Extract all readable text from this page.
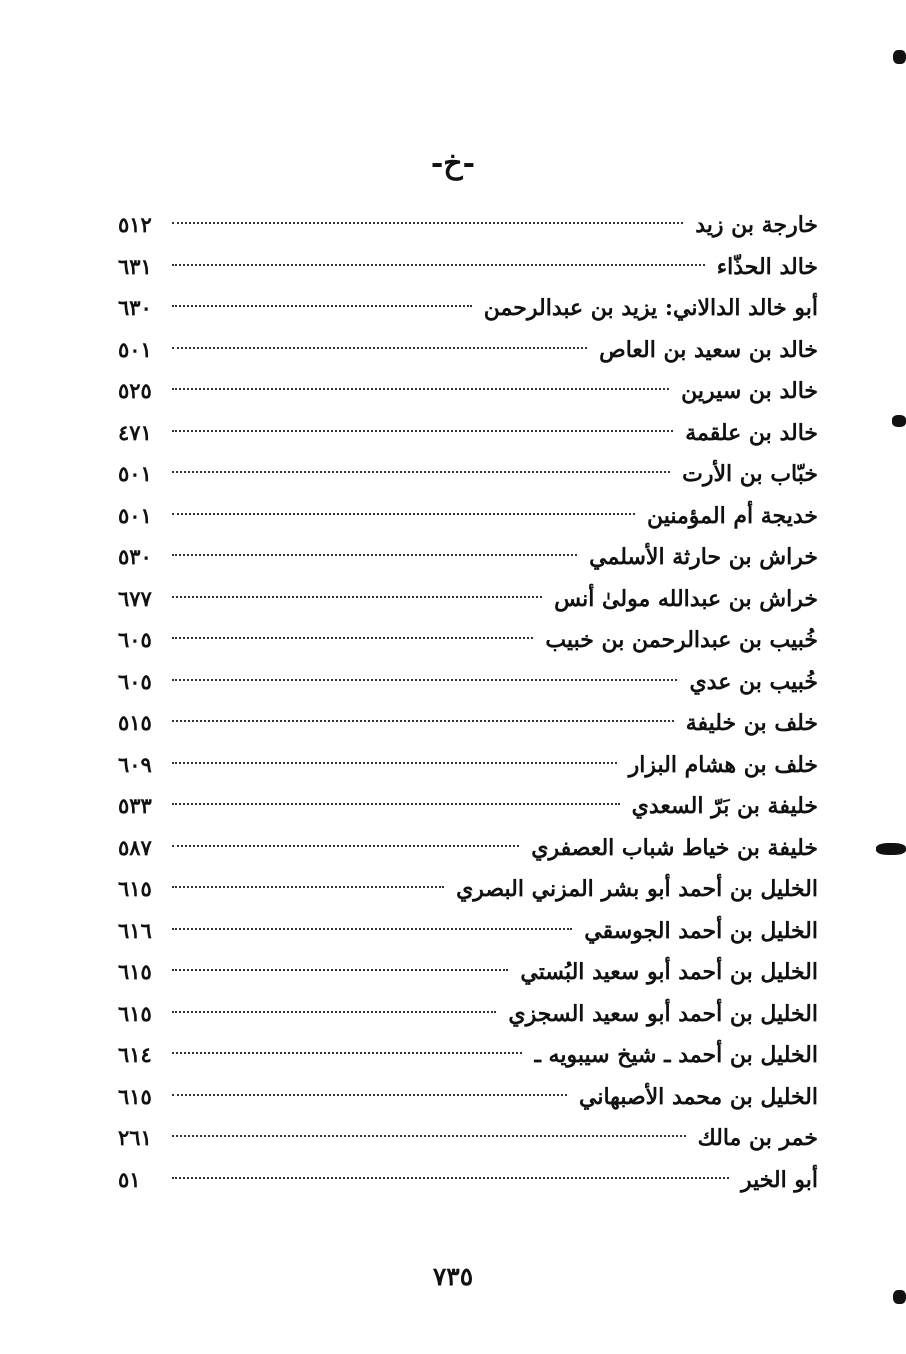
-خ-
خارجة بن زيد
٥١٢
خالد الحذّاء
٦٣١
أبو خالد الدالاني: يزيد بن عبدالرحمن
٦٣٠
خالد بن سعيد بن العاص
٥٠١
خالد بن سيرين
٥٢٥
خالد بن علقمة
٤٧١
خبّاب بن الأرت
٥٠١
خديجة أم المؤمنين
٥٠١
خراش بن حارثة الأسلمي
٥٣٠
خراش بن عبدالله مولىٰ أنس
٦٧٧
خُبيب بن عبدالرحمن بن خبيب
٦٠٥
خُبيب بن عدي
٦٠٥
خلف بن خليفة
٥١٥
خلف بن هشام البزار
٦٠٩
خليفة بن بَرّ السعدي
٥٣٣
خليفة بن خياط شباب العصفري
٥٨٧
الخليل بن أحمد أبو بشر المزني البصري
٦١٥
الخليل بن أحمد الجوسقي
٦١٦
الخليل بن أحمد أبو سعيد البُستي
٦١٥
الخليل بن أحمد أبو سعيد السجزي
٦١٥
الخليل بن أحمد ـ شيخ سيبويه ـ
٦١٤
الخليل بن محمد الأصبهاني
٦١٥
خمر بن مالك
٢٦١
أبو الخير
٥١
٧٣٥
